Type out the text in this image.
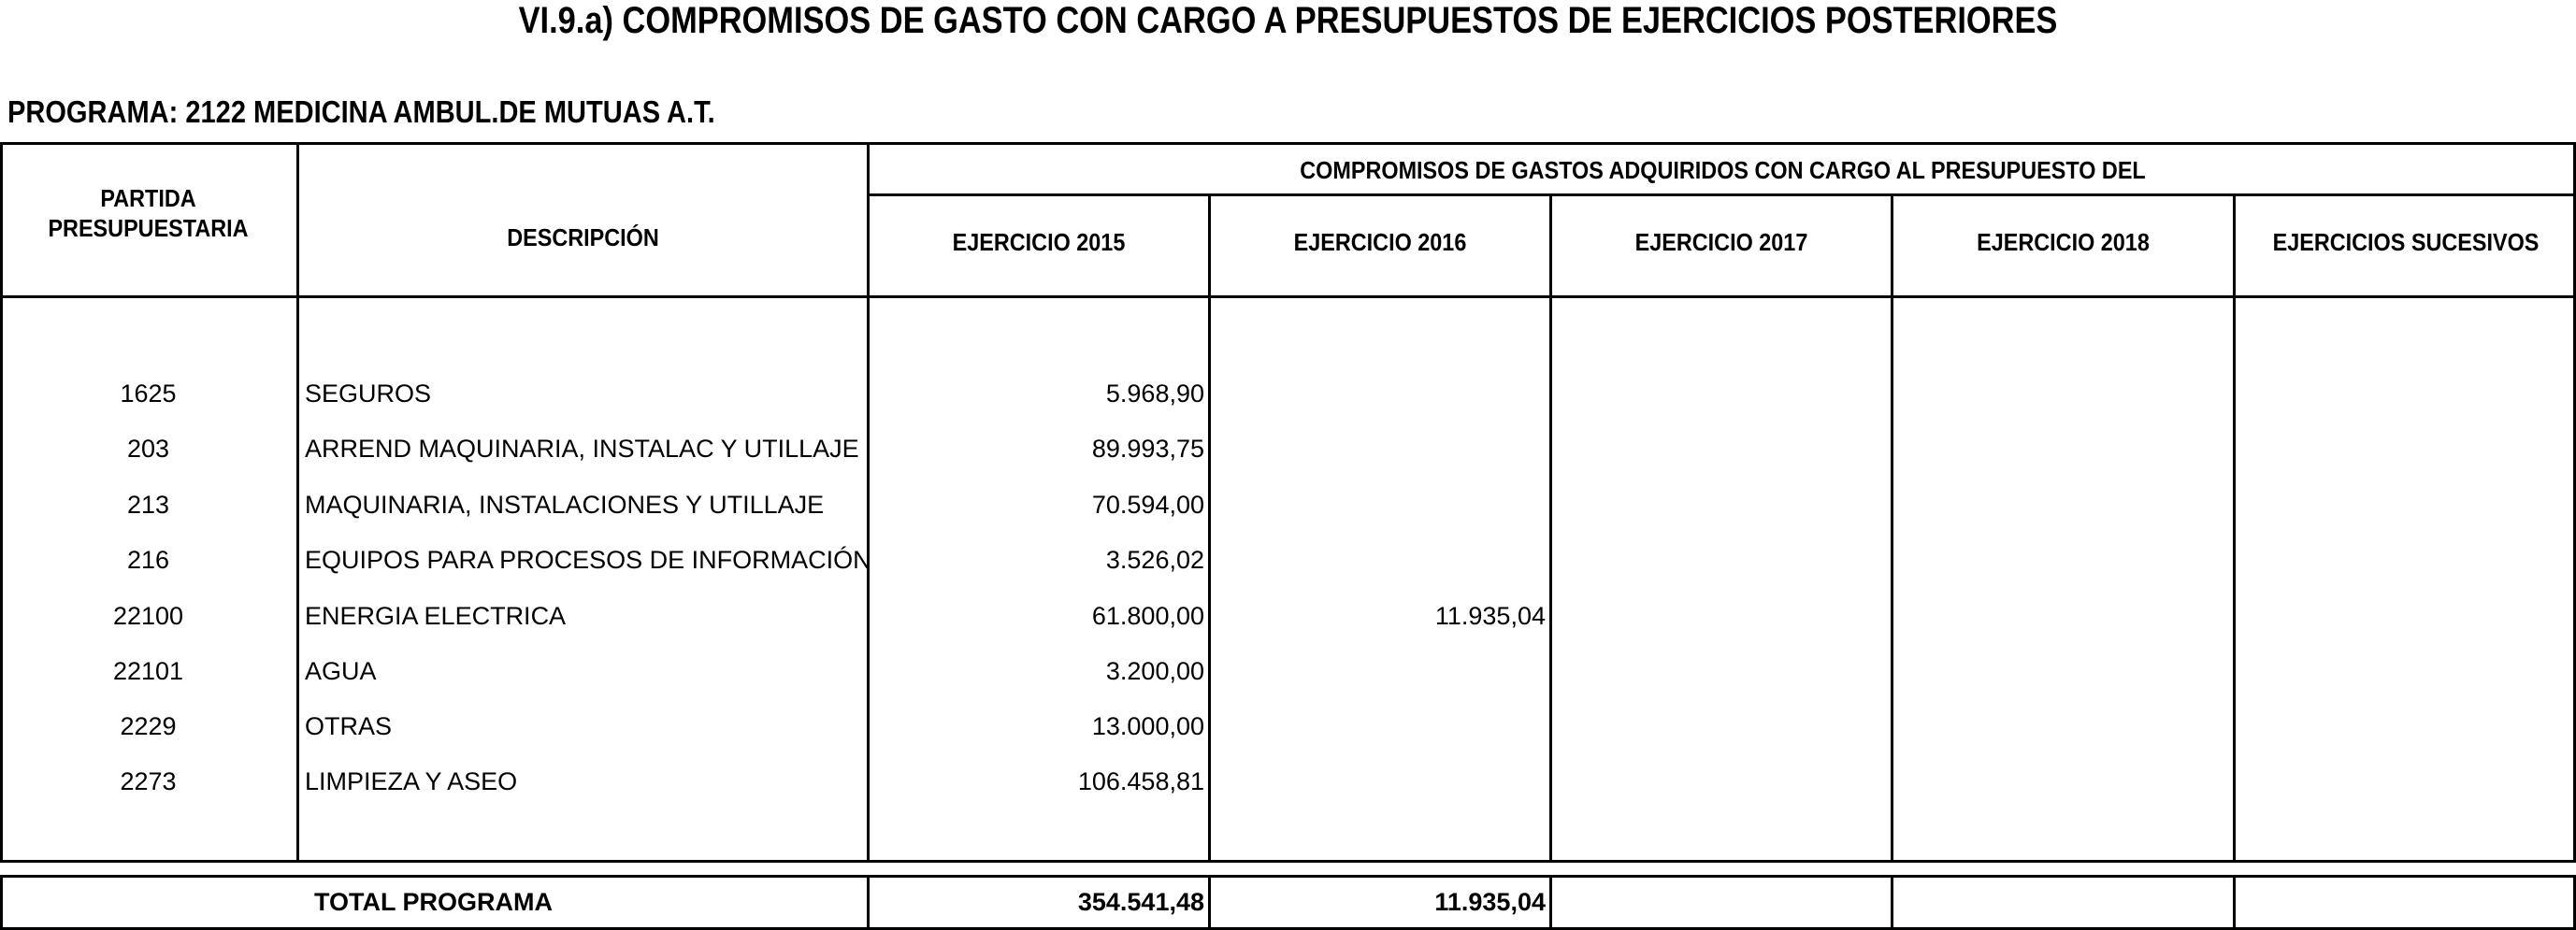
VI.9.a) COMPROMISOS DE GASTO CON CARGO A PRESUPUESTOS DE EJERCICIOS POSTERIORES
PROGRAMA: 2122 MEDICINA AMBUL.DE MUTUAS A.T.
PARTIDA
PRESUPUESTARIA	DESCRIPCIÓN
COMPROMISOS DE GASTOS ADQUIRIDOS CON CARGO AL PRESUPUESTO DEL
EJERCICIO 2015	EJERCICIO 2016	EJERCICIO 2017	EJERCICIO 2018	EJERCICIOS SUCESIVOS
1625	SEGUROS	5.968,90
203	ARREND MAQUINARIA, INSTALAC Y UTILLAJE	89.993,75
213	MAQUINARIA, INSTALACIONES Y UTILLAJE	70.594,00
216	EQUIPOS PARA PROCESOS DE INFORMACIÓN	3.526,02
22100	ENERGIA ELECTRICA	61.800,00	11.935,04
22101	AGUA	3.200,00
2229	OTRAS	13.000,00
2273	LIMPIEZA Y ASEO	106.458,81
TOTAL PROGRAMA	354.541,48	11.935,04
